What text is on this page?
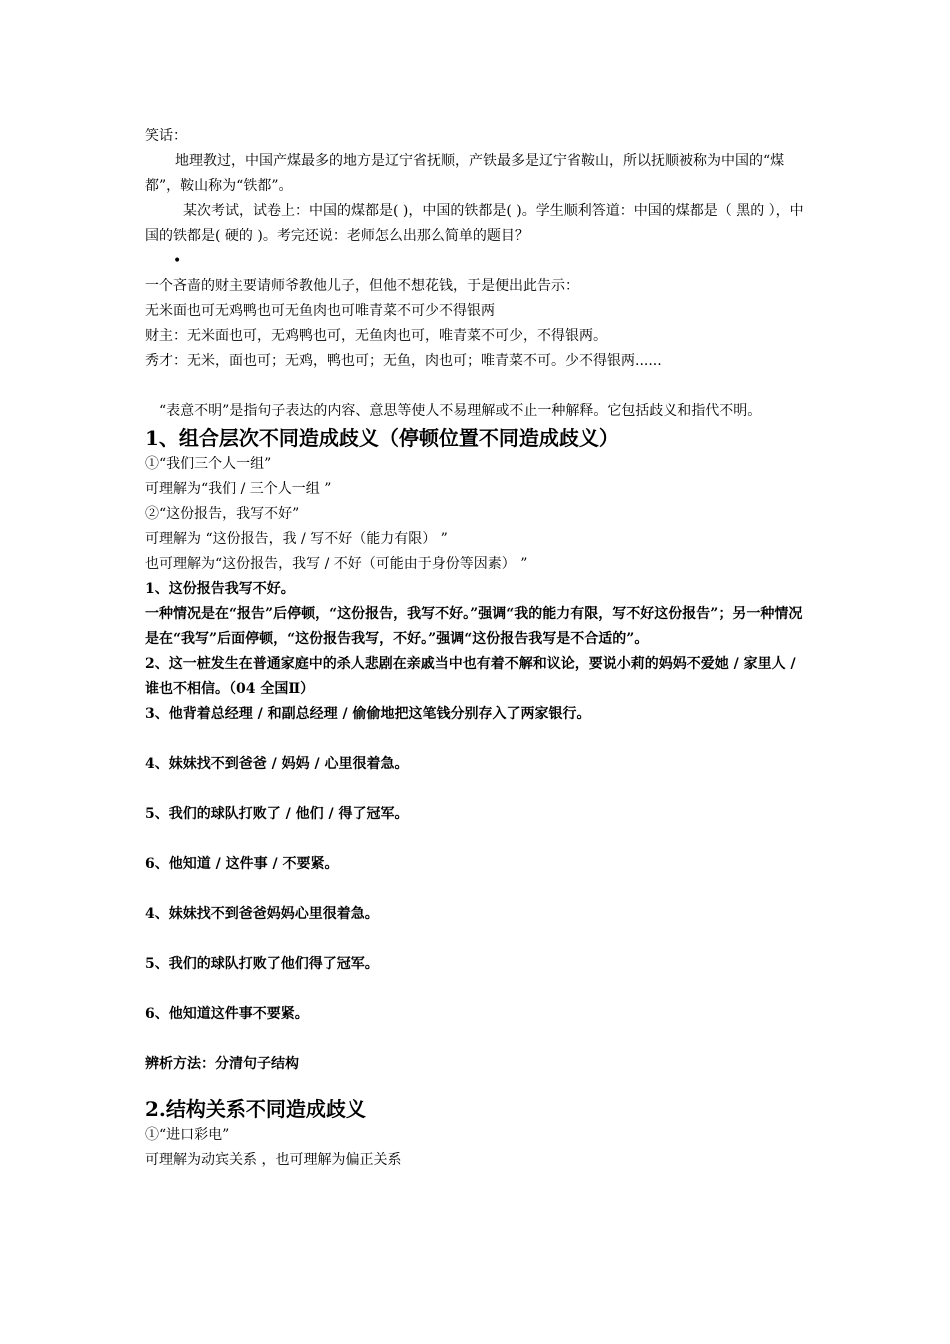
笑话：
地理教过，中国产煤最多的地方是辽宁省抚顺，产铁最多是辽宁省鞍山，所以抚顺被称为中国的“煤都”，鞍山称为“铁都”。
某次考试，试卷上：中国的煤都是( )，中国的铁都是( )。学生顺利答道：中国的煤都是（ 黑的 ），中国的铁都是( 硬的 )。考完还说：老师怎么出那么简单的题目？
•
一个吝啬的财主要请师爷教他儿子，但他不想花钱，于是便出此告示：
无米面也可无鸡鸭也可无鱼肉也可唯青菜不可少不得银两
财主：无米面也可，无鸡鸭也可，无鱼肉也可，唯青菜不可少，不得银两。
秀才：无米，面也可；无鸡，鸭也可；无鱼，肉也可；唯青菜不可。少不得银两......
“表意不明”是指句子表达的内容、意思等使人不易理解或不止一种解释。它包括歧义和指代不明。
1、组合层次不同造成歧义（停顿位置不同造成歧义）
①“我们三个人一组”
可理解为“我们 / 三个人一组 ”
②“这份报告，我写不好”
可理解为 “这份报告，我 / 写不好（能力有限） ”
也可理解为“这份报告，我写 / 不好（可能由于身份等因素） ”
1、这份报告我写不好。
一种情况是在“报告”后停顿，“这份报告，我写不好。”强调“我的能力有限，写不好这份报告”；另一种情况是在“我写”后面停顿，“这份报告我写，不好。”强调“这份报告我写是不合适的”。
2、这一桩发生在普通家庭中的杀人悲剧在亲戚当中也有着不解和议论，要说小莉的妈妈不爱她 / 家里人 / 谁也不相信。（04 全国Ⅱ）
3、他背着总经理 / 和副总经理 / 偷偷地把这笔钱分别存入了两家银行。
4、妹妹找不到爸爸 / 妈妈 / 心里很着急。
5、我们的球队打败了 / 他们 / 得了冠军。
6、他知道 / 这件事 / 不要紧。
4、妹妹找不到爸爸妈妈心里很着急。
5、我们的球队打败了他们得了冠军。
6、他知道这件事不要紧。
辨析方法：分清句子结构
2.结构关系不同造成歧义
①“进口彩电”
可理解为动宾关系 ，也可理解为偏正关系
